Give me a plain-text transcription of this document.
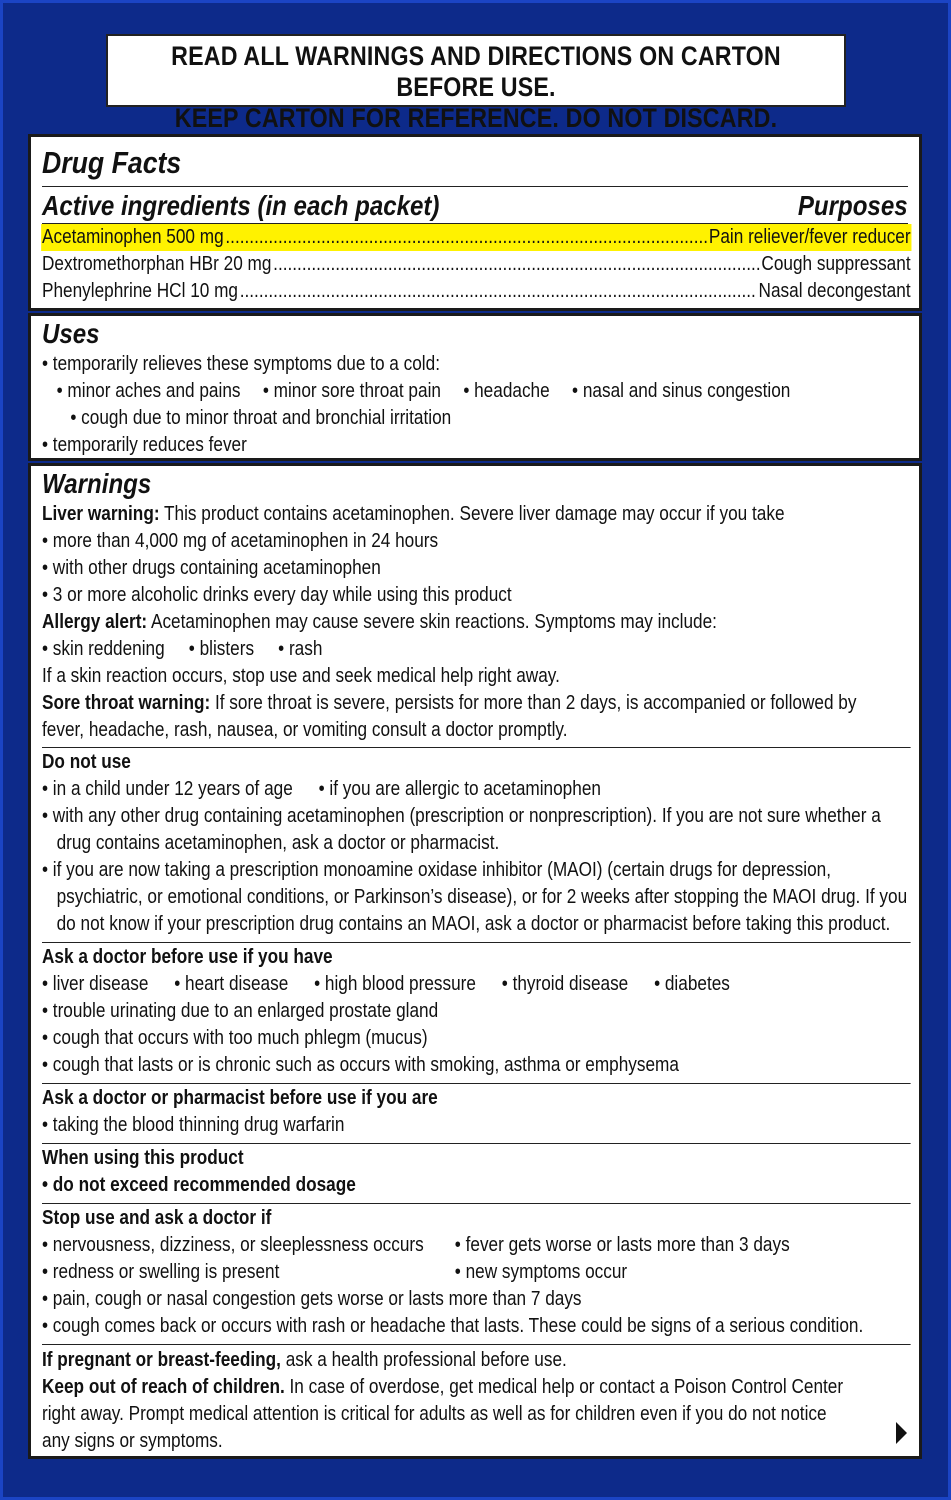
READ ALL WARNINGS AND DIRECTIONS ON CARTON BEFORE USE.
KEEP CARTON FOR REFERENCE. DO NOT DISCARD.
Drug Facts
Active ingredients (in each packet)	Purposes
Acetaminophen 500 mg .....	Pain reliever/fever reducer
Dextromethorphan HBr 20 mg .....	Cough suppressant
Phenylephrine HCl 10 mg .....	Nasal decongestant
Uses
• temporarily relieves these symptoms due to a cold:
• minor aches and pains • minor sore throat pain • headache • nasal and sinus congestion
• cough due to minor throat and bronchial irritation
• temporarily reduces fever
Warnings
Liver warning: This product contains acetaminophen. Severe liver damage may occur if you take
• more than 4,000 mg of acetaminophen in 24 hours
• with other drugs containing acetaminophen
• 3 or more alcoholic drinks every day while using this product
Allergy alert: Acetaminophen may cause severe skin reactions. Symptoms may include:
• skin reddening • blisters • rash
If a skin reaction occurs, stop use and seek medical help right away.
Sore throat warning: If sore throat is severe, persists for more than 2 days, is accompanied or followed by
fever, headache, rash, nausea, or vomiting consult a doctor promptly.
Do not use
• in a child under 12 years of age • if you are allergic to acetaminophen
• with any other drug containing acetaminophen (prescription or nonprescription). If you are not sure whether a
drug contains acetaminophen, ask a doctor or pharmacist.
• if you are now taking a prescription monoamine oxidase inhibitor (MAOI) (certain drugs for depression,
psychiatric, or emotional conditions, or Parkinson’s disease), or for 2 weeks after stopping the MAOI drug. If you
do not know if your prescription drug contains an MAOI, ask a doctor or pharmacist before taking this product.
Ask a doctor before use if you have
• liver disease • heart disease • high blood pressure • thyroid disease • diabetes
• trouble urinating due to an enlarged prostate gland
• cough that occurs with too much phlegm (mucus)
• cough that lasts or is chronic such as occurs with smoking, asthma or emphysema
Ask a doctor or pharmacist before use if you are
• taking the blood thinning drug warfarin
When using this product
• do not exceed recommended dosage
Stop use and ask a doctor if
• nervousness, dizziness, or sleeplessness occurs
• redness or swelling is present
• fever gets worse or lasts more than 3 days
• new symptoms occur
• pain, cough or nasal congestion gets worse or lasts more than 7 days
• cough comes back or occurs with rash or headache that lasts. These could be signs of a serious condition.
If pregnant or breast-feeding, ask a health professional before use.
Keep out of reach of children. In case of overdose, get medical help or contact a Poison Control Center
right away. Prompt medical attention is critical for adults as well as for children even if you do not notice
any signs or symptoms.
